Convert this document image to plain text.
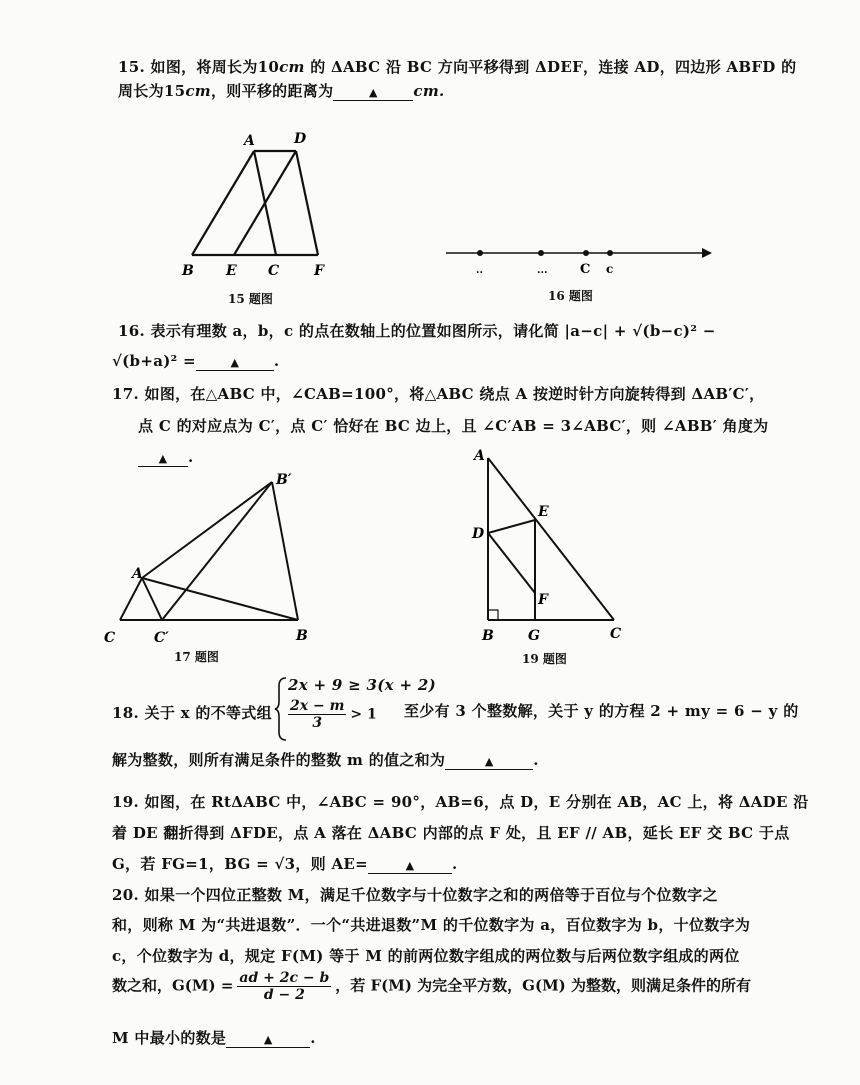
15. 如图，将周长为10cm 的 ΔABC 沿 BC 方向平移得到 ΔDEF，连接 AD，四边形 ABFD 的
周长为15cm，则平移的距离为	▲ cm.
A	D
B E C F
15 题图
..	...	C c
16 题图
16. 表示有理数 a，b，c 的点在数轴上的位置如图所示，请化简 |a−c| + √(b−c)² −
√(b+a)² =	▲ .
17. 如图，在△ABC 中，∠CAB=100°，将△ABC 绕点 A 按逆时针方向旋转得到 ΔAB′C′，
点 C 的对应点为 C′，点 C′ 恰好在 BC 边上，且 ∠C′AB = 3∠ABC′，则 ∠ABB′ 角度为
▲ .
A
B′
C	C′	B
17 题图
A
E
D
F
B G	C
19 题图
18. 关于 x 的不等式组
2x + 9 ≥ 3(x + 2)
$\frac{2x - m}{3} > 1$ 至少有 3 个整数解，关于 y 的方程 2 + my = 6 − y 的
解为整数，则所有满足条件的整数 m 的值之和为	▲	.
19. 如图，在 RtΔABC 中，∠ABC = 90°，AB=6，点 D，E 分别在 AB，AC 上，将 ΔADE 沿
着 DE 翻折得到 ΔFDE，点 A 落在 ΔABC 内部的点 F 处，且 EF // AB，延长 EF 交 BC 于点
G，若 FG=1，BG = √3，则 AE=	▲	.
20. 如果一个四位正整数 M，满足千位数字与十位数字之和的两倍等于百位与个位数字之
和，则称 M 为“共进退数”．一个“共进退数”M 的千位数字为 a，百位数字为 b，十位数字为
c，个位数字为 d，规定 F(M) 等于 M 的前两位数字组成的两位数与后两位数字组成的两位
数之和，$G(M) = \frac{ad + 2c - b}{d - 2}$ ，若 F(M) 为完全平方数，G(M) 为整数，则满足条件的所有
M 中最小的数是	▲	.
